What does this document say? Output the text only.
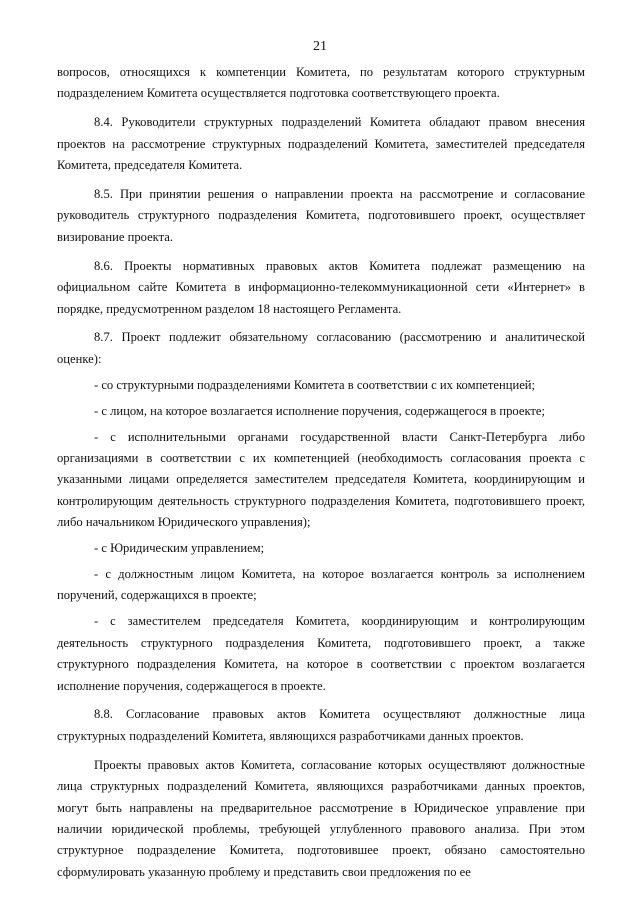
21

вопросов, относящихся к компетенции Комитета, по результатам которого структурным подразделением Комитета осуществляется подготовка соответствующего проекта.

8.4. Руководители структурных подразделений Комитета обладают правом внесения проектов на рассмотрение структурных подразделений Комитета, заместителей председателя Комитета, председателя Комитета.

8.5. При принятии решения о направлении проекта на рассмотрение и согласование руководитель структурного подразделения Комитета, подготовившего проект, осуществляет визирование проекта.

8.6. Проекты нормативных правовых актов Комитета подлежат размещению на официальном сайте Комитета в информационно-телекоммуникационной сети «Интернет» в порядке, предусмотренном разделом 18 настоящего Регламента.

8.7. Проект подлежит обязательному согласованию (рассмотрению и аналитической оценке):

- со структурными подразделениями Комитета в соответствии с их компетенцией;

- с лицом, на которое возлагается исполнение поручения, содержащегося в проекте;

- с исполнительными органами государственной власти Санкт-Петербурга либо организациями в соответствии с их компетенцией (необходимость согласования проекта с указанными лицами определяется заместителем председателя Комитета, координирующим и контролирующим деятельность структурного подразделения Комитета, подготовившего проект, либо начальником Юридического управления);

- с Юридическим управлением;

- с должностным лицом Комитета, на которое возлагается контроль за исполнением поручений, содержащихся в проекте;

- с заместителем председателя Комитета, координирующим и контролирующим деятельность структурного подразделения Комитета, подготовившего проект, а также структурного подразделения Комитета, на которое в соответствии с проектом возлагается исполнение поручения, содержащегося в проекте.

8.8. Согласование правовых актов Комитета осуществляют должностные лица структурных подразделений Комитета, являющихся разработчиками данных проектов.

Проекты правовых актов Комитета, согласование которых осуществляют должностные лица структурных подразделений Комитета, являющихся разработчиками данных проектов, могут быть направлены на предварительное рассмотрение в Юридическое управление при наличии юридической проблемы, требующей углубленного правового анализа. При этом структурное подразделение Комитета, подготовившее проект, обязано самостоятельно сформулировать указанную проблему и представить свои предложения по ее
